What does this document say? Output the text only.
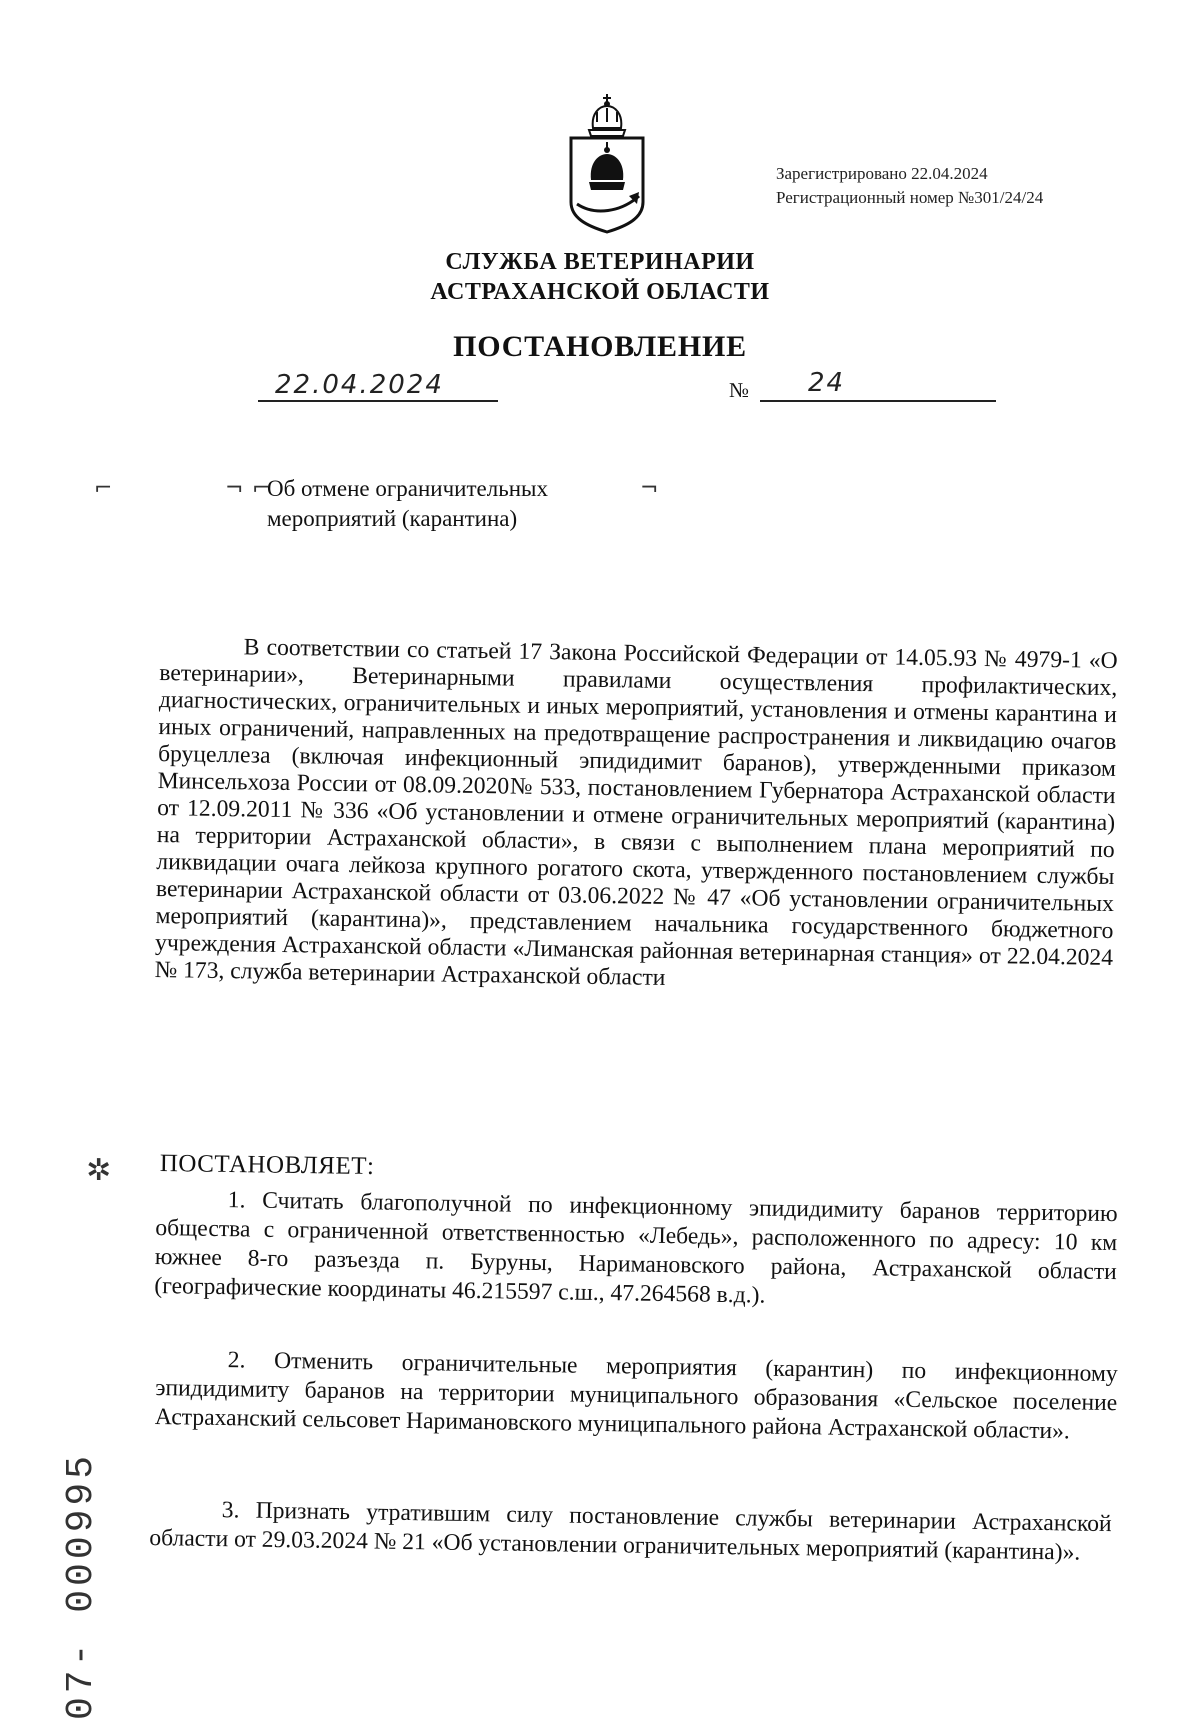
Зарегистрировано 22.04.2024
Регистрационный номер №301/24/24
СЛУЖБА ВЕТЕРИНАРИИ
АСТРАХАНСКОЙ ОБЛАСТИ
ПОСТАНОВЛЕНИЕ
22.04.2024	№ 24
⌐	¬ ⌐	¬
Об отмене ограничительных
мероприятий (карантина)
В соответствии со статьей 17 Закона Российской Федерации от 14.05.93 № 4979-1 «О ветеринарии», Ветеринарными правилами осуществления профилактических, диагностических, ограничительных и иных мероприятий, установления и отмены карантина и иных ограничений, направленных на предотвращение распространения и ликвидацию очагов бруцеллеза (включая инфекционный эпидидимит баранов), утвержденными приказом Минсельхоза России от 08.09.2020№ 533, постановлением Губернатора Астраханской области от 12.09.2011 № 336 «Об установлении и отмене ограничительных мероприятий (карантина) на территории Астраханской области», в связи с выполнением плана мероприятий по ликвидации очага лейкоза крупного рогатого скота, утвержденного постановлением службы ветеринарии Астраханской области от 03.06.2022 № 47 «Об установлении ограничительных мероприятий (карантина)», представлением начальника государственного бюджетного учреждения Астраханской области «Лиманская районная ветеринарная станция» от 22.04.2024 № 173, служба ветеринарии Астраханской области
ПОСТАНОВЛЯЕТ:
1. Считать благополучной по инфекционному эпидидимиту баранов территорию общества с ограниченной ответственностью «Лебедь», расположенного по адресу: 10 км южнее 8-го разъезда п. Буруны, Наримановского района, Астраханской области (географические координаты 46.215597 с.ш., 47.264568 в.д.).
2. Отменить ограничительные мероприятия (карантин) по инфекционному эпидидимиту баранов на территории муниципального образования «Сельское поселение Астраханский сельсовет Наримановского муниципального района Астраханской области».
3. Признать утратившим силу постановление службы ветеринарии Астраханской области от 29.03.2024 № 21 «Об установлении ограничительных мероприятий (карантина)».
✲
07- 000995
